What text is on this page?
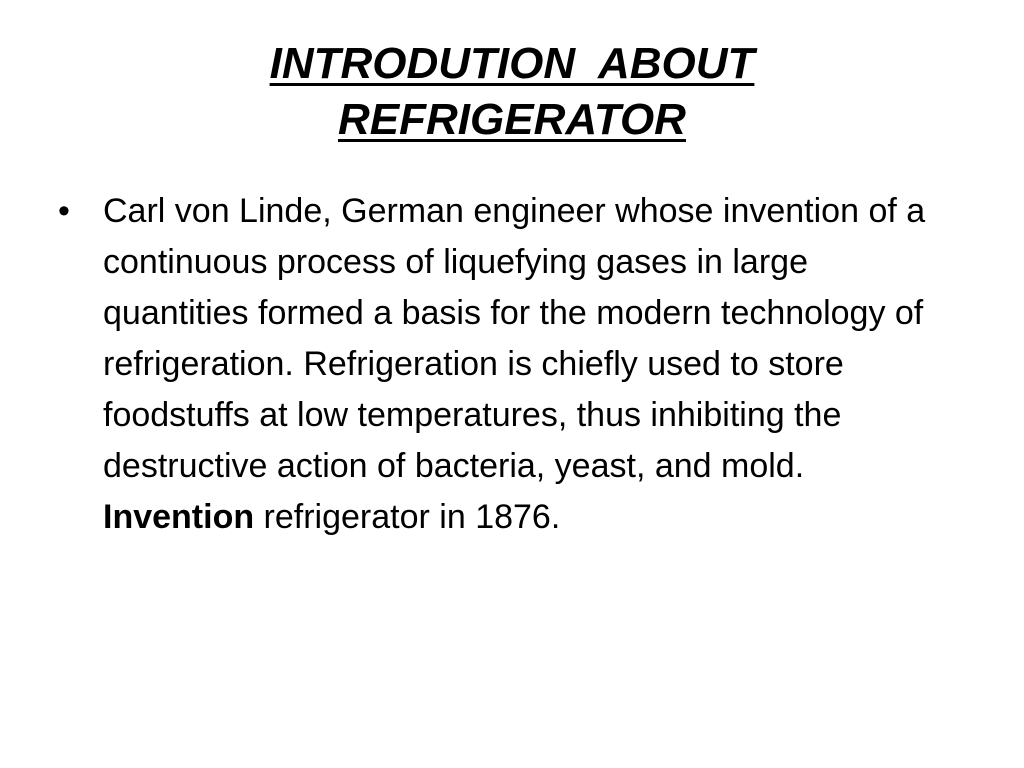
INTRODUTION  ABOUT
REFRIGERATOR
• Carl von Linde, German engineer whose invention of a continuous process of liquefying gases in large quantities formed a basis for the modern technology of refrigeration. Refrigeration is chiefly used to store foodstuffs at low temperatures, thus inhibiting the destructive action of bacteria, yeast, and mold. Invention refrigerator in 1876.
